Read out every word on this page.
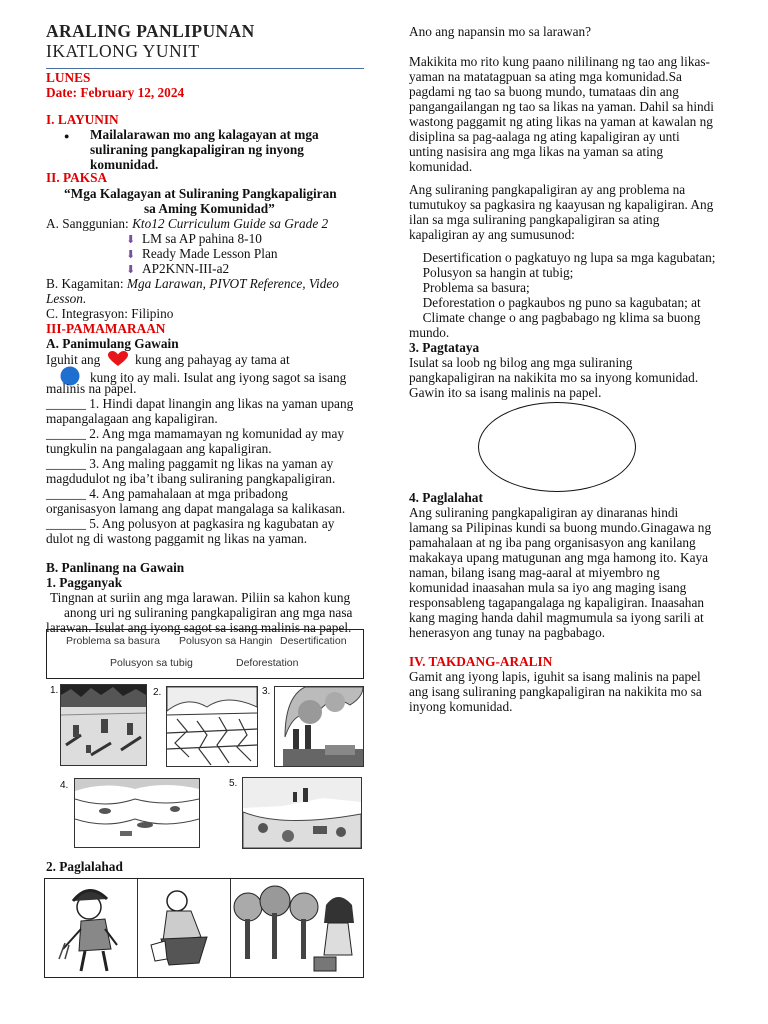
ARALING PANLIPUNAN
IKATLONG YUNIT
LUNES
Date: February 12, 2024
I. LAYUNIN
● Mailalarawan mo ang kalagayan at mga
suliraning pangkapaligiran ng inyong
komunidad.
II. PAKSA
“Mga Kalagayan at Suliraning Pangkapaligiran
sa Aming Komunidad”
A. Sanggunian: Kto12 Curriculum Guide sa Grade 2
⬇ LM sa AP pahina 8-10
⬇ Ready Made Lesson Plan
⬇ AP2KNN-III-a2
B. Kagamitan: Mga Larawan, PIVOT Reference, Video
Lesson.
C. Integrasyon: Filipino
III-PAMAMARAAN
A. Panimulang Gawain
Iguhit ang	kung ang pahayag ay tama at
kung ito ay mali. Isulat ang iyong sagot sa isang
malinis na papel.
______ 1. Hindi dapat linangin ang likas na yaman upang
mapangalagaan ang kapaligiran.
______ 2. Ang mga mamamayan ng komunidad ay may
tungkulin na pangalagaan ang kapaligiran.
______ 3. Ang maling paggamit ng likas na yaman ay
magdudulot ng iba’t ibang suliraning pangkapaligiran.
______ 4. Ang pamahalaan at mga pribadong
organisasyon lamang ang dapat mangalaga sa kalikasan.
______ 5. Ang polusyon at pagkasira ng kagubatan ay
dulot ng di wastong paggamit ng likas na yaman.
B. Panlinang na Gawain
1. Pagganyak
Tingnan at suriin ang mga larawan. Piliin sa kahon kung
anong uri ng suliraning pangkapaligiran ang mga nasa
larawan. Isulat ang iyong sagot sa isang malinis na papel.
Problema sa basura Polusyon sa Hangin Desertification
Polusyon sa tubig	Deforestation
1.	2.	3.
4.	5.
2. Paglalahad
Ano ang napansin mo sa larawan?
Makikita mo rito kung paano nililinang ng tao ang likas-
yaman na matatagpuan sa ating mga komunidad.Sa
pagdami ng tao sa buong mundo, tumataas din ang
pangangailangan ng tao sa likas na yaman. Dahil sa hindi
wastong paggamit ng ating likas na yaman at kawalan ng
disiplina sa pag-aalaga ng ating kapaligiran ay unti
unting nasisira ang mga likas na yaman sa ating
komunidad.
Ang suliraning pangkapaligiran ay ang problema na
tumutukoy sa pagkasira ng kaayusan ng kapaligiran. Ang
ilan sa mga suliraning pangkapaligiran sa ating
kapaligiran ay ang sumusunod:
Desertification o pagkatuyo ng lupa sa mga kagubatan;
Polusyon sa hangin at tubig;
Problema sa basura;
Deforestation o pagkaubos ng puno sa kagubatan; at
Climate change o ang pagbabago ng klima sa buong
mundo.
3. Pagtataya
Isulat sa loob ng bilog ang mga suliraning
pangkapaligiran na nakikita mo sa inyong komunidad.
Gawin ito sa isang malinis na papel.
4. Paglalahat
Ang suliraning pangkapaligiran ay dinaranas hindi
lamang sa Pilipinas kundi sa buong mundo.Ginagawa ng
pamahalaan at ng iba pang organisasyon ang kanilang
makakaya upang matugunan ang mga hamong ito. Kaya
naman, bilang isang mag-aaral at miyembro ng
komunidad inaasahan mula sa iyo ang maging isang
responsableng tagapangalaga ng kapaligiran. Inaasahan
kang maging handa dahil magmumula sa iyong sarili at
henerasyon ang tunay na pagbabago.
IV. TAKDANG-ARALIN
Gamit ang iyong lapis, iguhit sa isang malinis na papel
ang isang suliraning pangkapaligiran na nakikita mo sa
inyong komunidad.
